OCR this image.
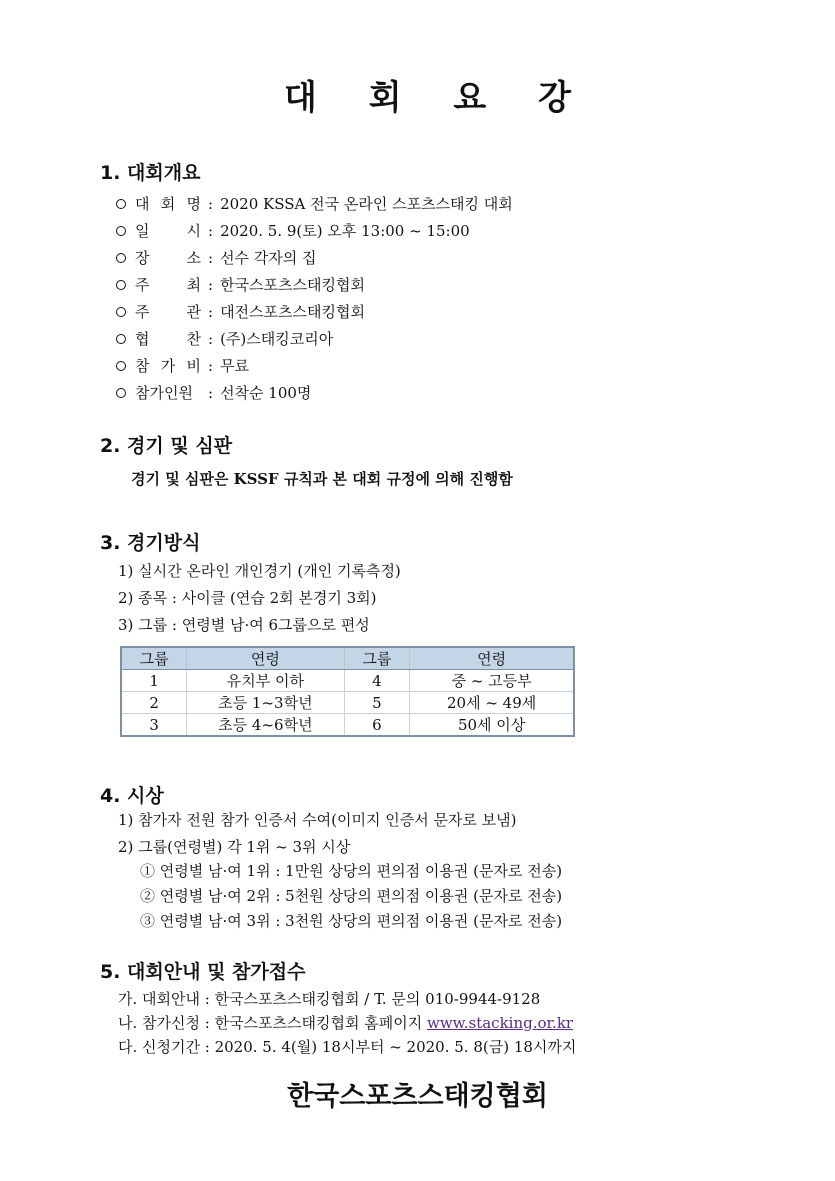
대 회 요 강
1. 대회개요
대 회 명 : 2020 KSSA 전국 온라인 스포츠스태킹 대회
일 시 : 2020. 5. 9(토) 오후 13:00 ~ 15:00
장 소 : 선수 각자의 집
주 최 : 한국스포츠스태킹협회
주 관 : 대전스포츠스태킹협회
협 찬 : (주)스태킹코리아
참 가 비 : 무료
참가인원	: 선착순 100명
2. 경기 및 심판
경기 및 심판은 KSSF 규칙과 본 대회 규정에 의해 진행함
3. 경기방식
1) 실시간 온라인 개인경기 (개인 기록측정)
2) 종목 : 사이클 (연습 2회 본경기 3회)
3) 그룹 : 연령별 남·여 6그룹으로 편성
그룹	연령	그룹	연령
1	유치부 이하	4	중 ~ 고등부
2	초등 1~3학년	5	20세 ~ 49세
3	초등 4~6학년	6	50세 이상
4. 시상
1) 참가자 전원 참가 인증서 수여(이미지 인증서 문자로 보냄)
2) 그룹(연령별) 각 1위 ~ 3위 시상
① 연령별 남·여 1위 : 1만원 상당의 편의점 이용권 (문자로 전송)
② 연령별 남·여 2위 : 5천원 상당의 편의점 이용권 (문자로 전송)
③ 연령별 남·여 3위 : 3천원 상당의 편의점 이용권 (문자로 전송)
5. 대회안내 및 참가접수
가. 대회안내 : 한국스포츠스태킹협회 / T. 문의 010-9944-9128
나. 참가신청 : 한국스포츠스태킹협회 홈페이지 www.stacking.or.kr
다. 신청기간 : 2020. 5. 4(월) 18시부터 ~ 2020. 5. 8(금) 18시까지
한국스포츠스태킹협회
